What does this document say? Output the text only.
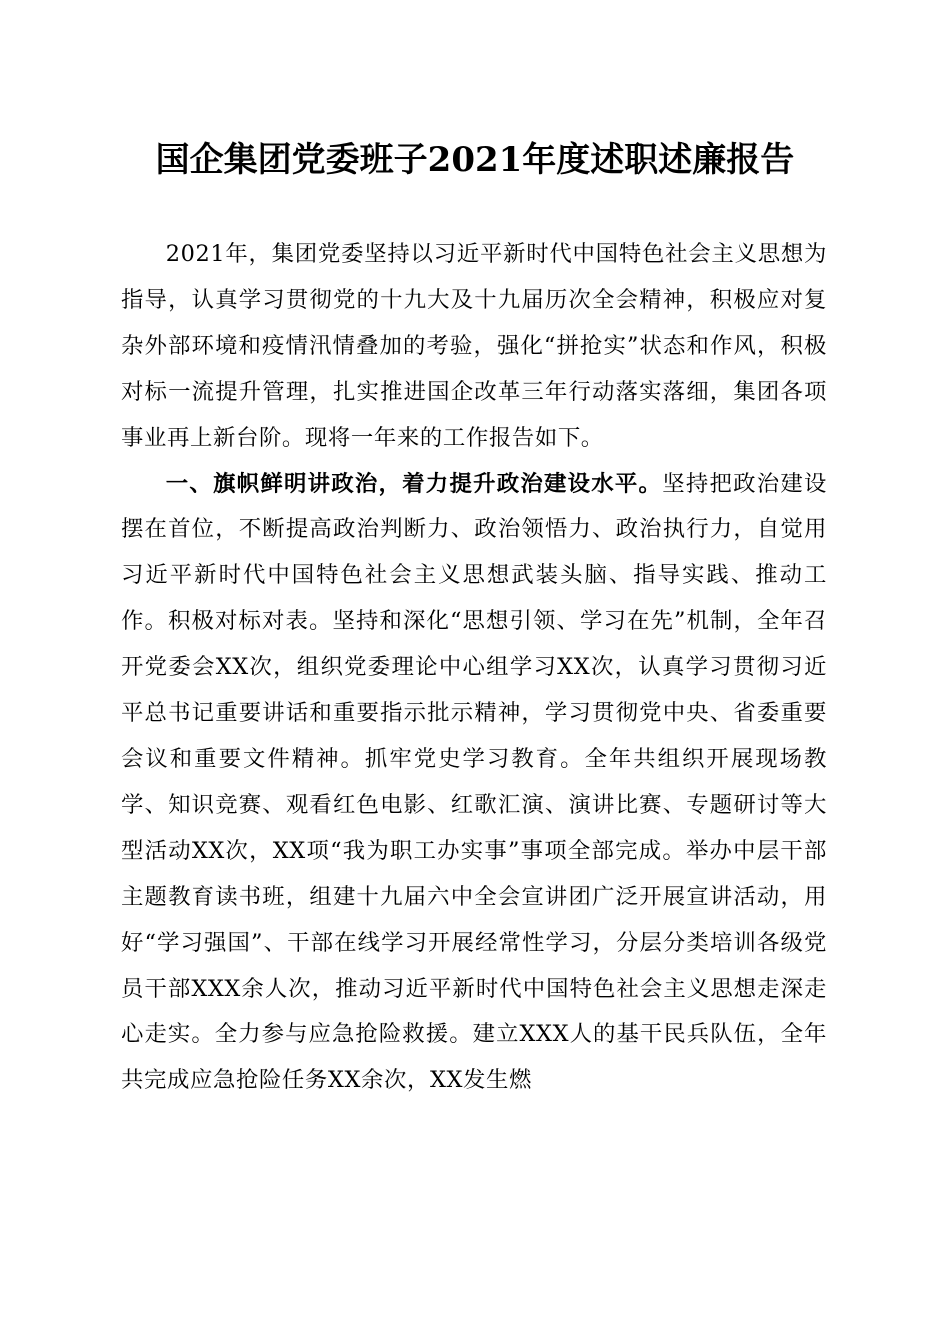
国企集团党委班子2021年度述职述廉报告

2021年，集团党委坚持以习近平新时代中国特色社会主义思想为指导，认真学习贯彻党的十九大及十九届历次全会精神，积极应对复杂外部环境和疫情汛情叠加的考验，强化“拼抢实”状态和作风，积极对标一流提升管理，扎实推进国企改革三年行动落实落细，集团各项事业再上新台阶。现将一年来的工作报告如下。

一、旗帜鲜明讲政治，着力提升政治建设水平。坚持把政治建设摆在首位，不断提高政治判断力、政治领悟力、政治执行力，自觉用习近平新时代中国特色社会主义思想武装头脑、指导实践、推动工作。积极对标对表。坚持和深化“思想引领、学习在先”机制，全年召开党委会XX次，组织党委理论中心组学习XX次，认真学习贯彻习近平总书记重要讲话和重要指示批示精神，学习贯彻党中央、省委重要会议和重要文件精神。抓牢党史学习教育。全年共组织开展现场教学、知识竞赛、观看红色电影、红歌汇演、演讲比赛、专题研讨等大型活动XX次，XX项“我为职工办实事”事项全部完成。举办中层干部主题教育读书班，组建十九届六中全会宣讲团广泛开展宣讲活动，用好“学习强国”、干部在线学习开展经常性学习，分层分类培训各级党员干部XXX余人次，推动习近平新时代中国特色社会主义思想走深走心走实。全力参与应急抢险救援。建立XXX人的基干民兵队伍，全年共完成应急抢险任务XX余次，XX发生燃
